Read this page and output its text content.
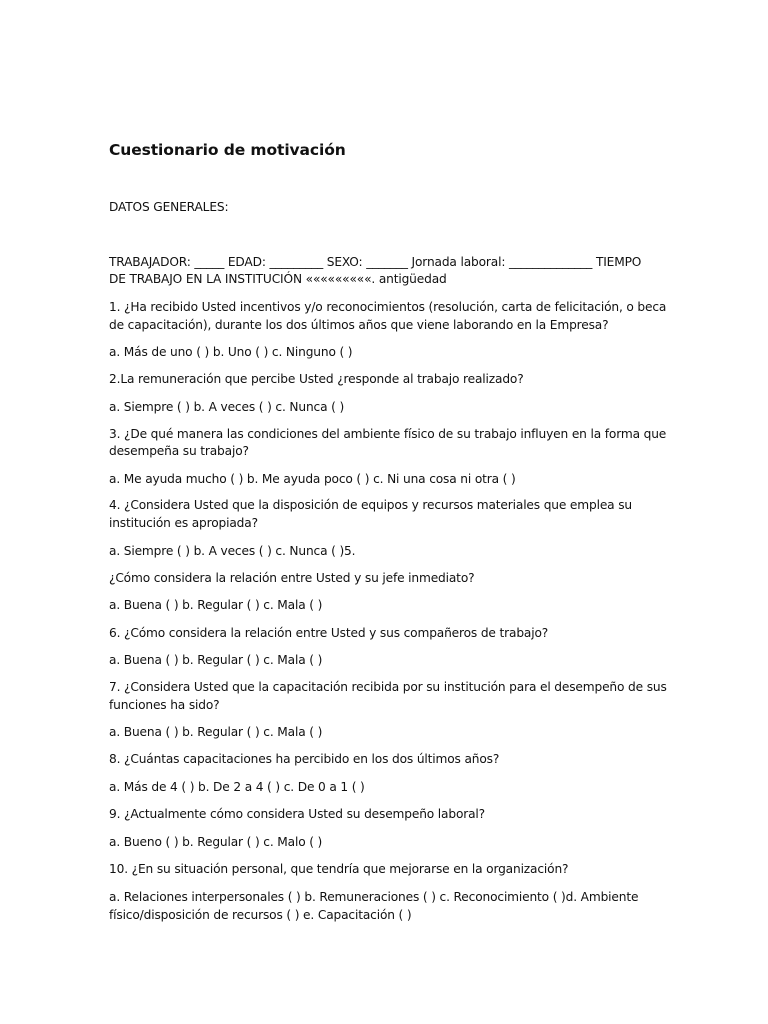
Cuestionario de motivación
DATOS GENERALES:
TRABAJADOR: _____ EDAD: _________ SEXO: _______ Jornada laboral: ______________ TIEMPO
DE TRABAJO EN LA INSTITUCIÓN «««««««««. antigüedad
1. ¿Ha recibido Usted incentivos y/o reconocimientos (resolución, carta de felicitación, o beca
de capacitación), durante los dos últimos años que viene laborando en la Empresa?
a. Más de uno ( ) b. Uno ( ) c. Ninguno ( )
2.La remuneración que percibe Usted ¿responde al trabajo realizado?
a. Siempre ( ) b. A veces ( ) c. Nunca ( )
3. ¿De qué manera las condiciones del ambiente físico de su trabajo influyen en la forma que
desempeña su trabajo?
a. Me ayuda mucho ( ) b. Me ayuda poco ( ) c. Ni una cosa ni otra ( )
4. ¿Considera Usted que la disposición de equipos y recursos materiales que emplea su
institución es apropiada?
a. Siempre ( ) b. A veces ( ) c. Nunca ( )5.
¿Cómo considera la relación entre Usted y su jefe inmediato?
a. Buena ( ) b. Regular ( ) c. Mala ( )
6. ¿Cómo considera la relación entre Usted y sus compañeros de trabajo?
a. Buena ( ) b. Regular ( ) c. Mala ( )
7. ¿Considera Usted que la capacitación recibida por su institución para el desempeño de sus
funciones ha sido?
a. Buena ( ) b. Regular ( ) c. Mala ( )
8. ¿Cuántas capacitaciones ha percibido en los dos últimos años?
a. Más de 4 ( ) b. De 2 a 4 ( ) c. De 0 a 1 ( )
9. ¿Actualmente cómo considera Usted su desempeño laboral?
a. Bueno ( ) b. Regular ( ) c. Malo ( )
10. ¿En su situación personal, que tendría que mejorarse en la organización?
a. Relaciones interpersonales ( ) b. Remuneraciones ( ) c. Reconocimiento ( )d. Ambiente
físico/disposición de recursos ( ) e. Capacitación ( )
